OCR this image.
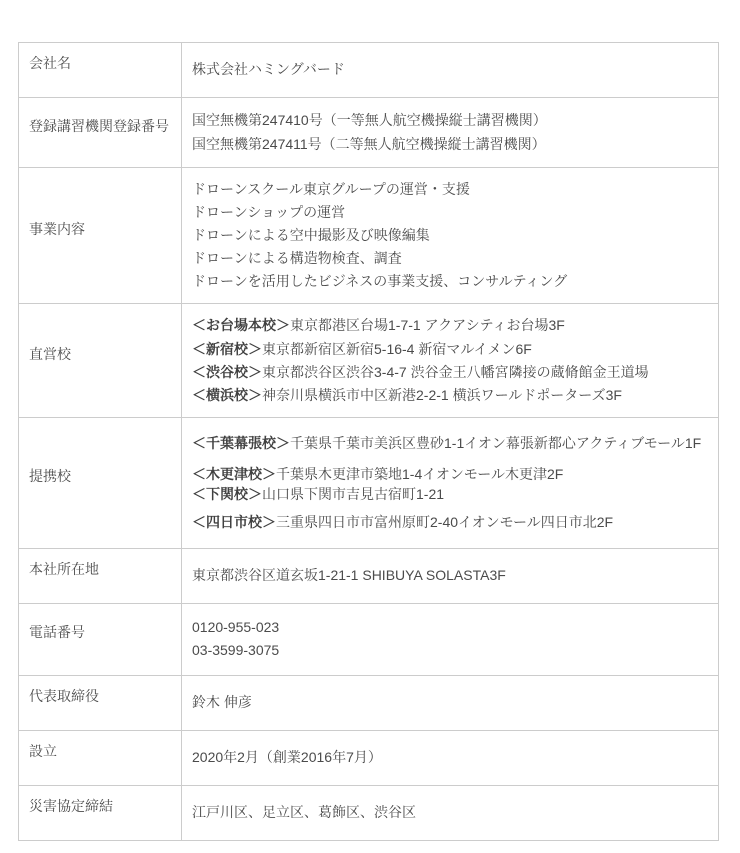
会社名	株式会社ハミングバード

登録講習機関登録番号	国空無機第247410号（一等無人航空機操縦士講習機関）
国空無機第247411号（二等無人航空機操縦士講習機関）

事業内容	ドローンスクール東京グループの運営・支援
ドローンショップの運営
ドローンによる空中撮影及び映像編集
ドローンによる構造物検査、調査
ドローンを活用したビジネスの事業支援、コンサルティング

直営校	＜お台場本校＞東京都港区台場1-7-1 アクアシティお台場3F
＜新宿校＞東京都新宿区新宿5-16-4 新宿マルイメン6F
＜渋谷校＞東京都渋谷区渋谷3-4-7 渋谷金王八幡宮隣接の蔵脩館金王道場
＜横浜校＞神奈川県横浜市中区新港2-2-1 横浜ワールドポーターズ3F

提携校	＜千葉幕張校＞千葉県千葉市美浜区豊砂1-1イオン幕張新都心アクティブモール1F
＜木更津校＞千葉県木更津市築地1-4イオンモール木更津2F
＜下関校＞山口県下関市吉見古宿町1-21
＜四日市校＞三重県四日市市富州原町2-40イオンモール四日市北2F

本社所在地	東京都渋谷区道玄坂1-21-1 SHIBUYA SOLASTA3F

電話番号	0120-955-023
03-3599-3075

代表取締役	鈴木 伸彦

設立	2020年2月（創業2016年7月）

災害協定締結	江戸川区、足立区、葛飾区、渋谷区
